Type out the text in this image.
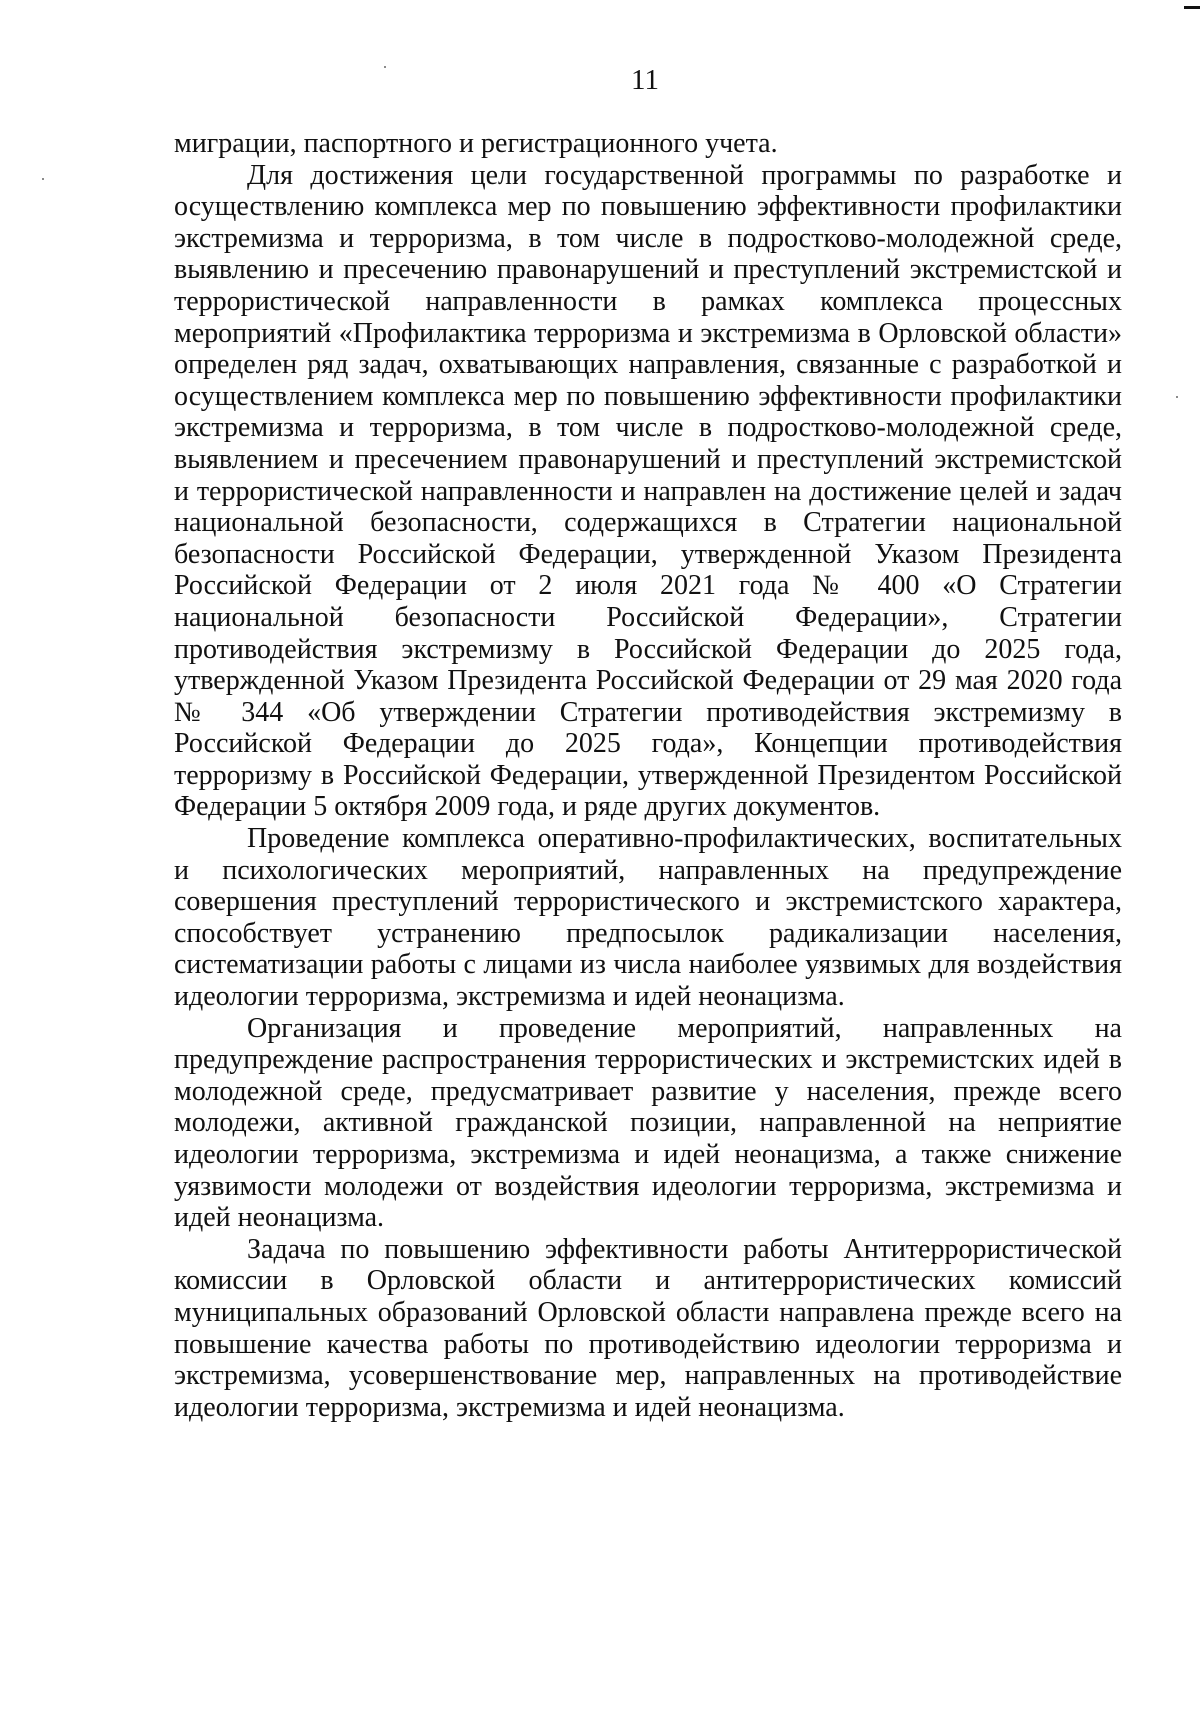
11

миграции, паспортного и регистрационного учета.

Для достижения цели государственной программы по разработке и осуществлению комплекса мер по повышению эффективности профилактики экстремизма и терроризма, в том числе в подростково-молодежной среде, выявлению и пресечению правонарушений и преступлений экстремистской и террористической направленности в рамках комплекса процессных мероприятий «Профилактика терроризма и экстремизма в Орловской области» определен ряд задач, охватывающих направления, связанные с разработкой и осуществлением комплекса мер по повышению эффективности профилактики экстремизма и терроризма, в том числе в подростково-молодежной среде, выявлением и пресечением правонарушений и преступлений экстремистской и террористической направленности и направлен на достижение целей и задач национальной безопасности, содержащихся в Стратегии национальной безопасности Российской Федерации, утвержденной Указом Президента Российской Федерации от 2 июля 2021 года № 400 «О Стратегии национальной безопасности Российской Федерации», Стратегии противодействия экстремизму в Российской Федерации до 2025 года, утвержденной Указом Президента Российской Федерации от 29 мая 2020 года № 344 «Об утверждении Стратегии противодействия экстремизму в Российской Федерации до 2025 года», Концепции противодействия терроризму в Российской Федерации, утвержденной Президентом Российской Федерации 5 октября 2009 года, и ряде других документов.

Проведение комплекса оперативно-профилактических, воспитательных и психологических мероприятий, направленных на предупреждение совершения преступлений террористического и экстремистского характера, способствует устранению предпосылок радикализации населения, систематизации работы с лицами из числа наиболее уязвимых для воздействия идеологии терроризма, экстремизма и идей неонацизма.

Организация и проведение мероприятий, направленных на предупреждение распространения террористических и экстремистских идей в молодежной среде, предусматривает развитие у населения, прежде всего молодежи, активной гражданской позиции, направленной на неприятие идеологии терроризма, экстремизма и идей неонацизма, а также снижение уязвимости молодежи от воздействия идеологии терроризма, экстремизма и идей неонацизма.

Задача по повышению эффективности работы Антитеррористической комиссии в Орловской области и антитеррористических комиссий муниципальных образований Орловской области направлена прежде всего на повышение качества работы по противодействию идеологии терроризма и экстремизма, усовершенствование мер, направленных на противодействие идеологии терроризма, экстремизма и идей неонацизма.
